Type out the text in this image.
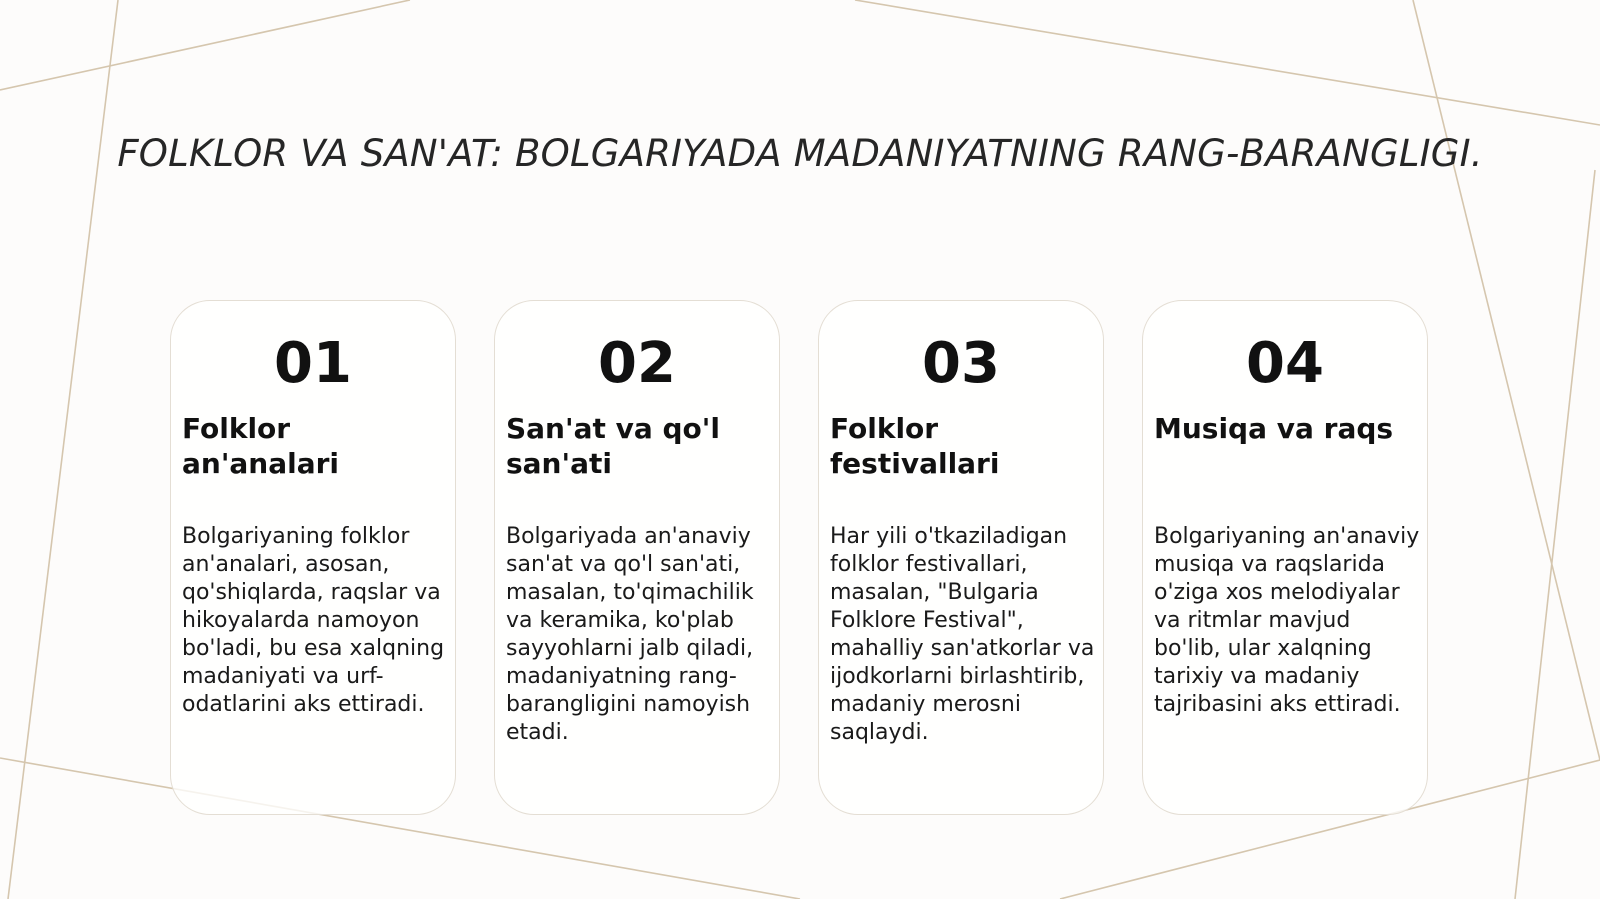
FOLKLOR VA SAN'AT: BOLGARIYADA MADANIYATNING RANG-BARANGLIGI.
01
Folklor an'analari
Bolgariyaning folklor an'analari, asosan, qo'shiqlarda, raqslar va hikoyalarda namoyon bo'ladi, bu esa xalqning madaniyati va urf-odatlarini aks ettiradi.
02
San'at va qo'l san'ati
Bolgariyada an'anaviy san'at va qo'l san'ati, masalan, to'qimachilik va keramika, ko'plab sayyohlarni jalb qiladi, madaniyatning rang-barangligini namoyish etadi.
03
Folklor festivallari
Har yili o'tkaziladigan folklor festivallari, masalan, "Bulgaria Folklore Festival", mahalliy san'atkorlar va ijodkorlarni birlashtirib, madaniy merosni saqlaydi.
04
Musiqa va raqs
Bolgariyaning an'anaviy musiqa va raqslarida o'ziga xos melodiyalar va ritmlar mavjud bo'lib, ular xalqning tarixiy va madaniy tajribasini aks ettiradi.
